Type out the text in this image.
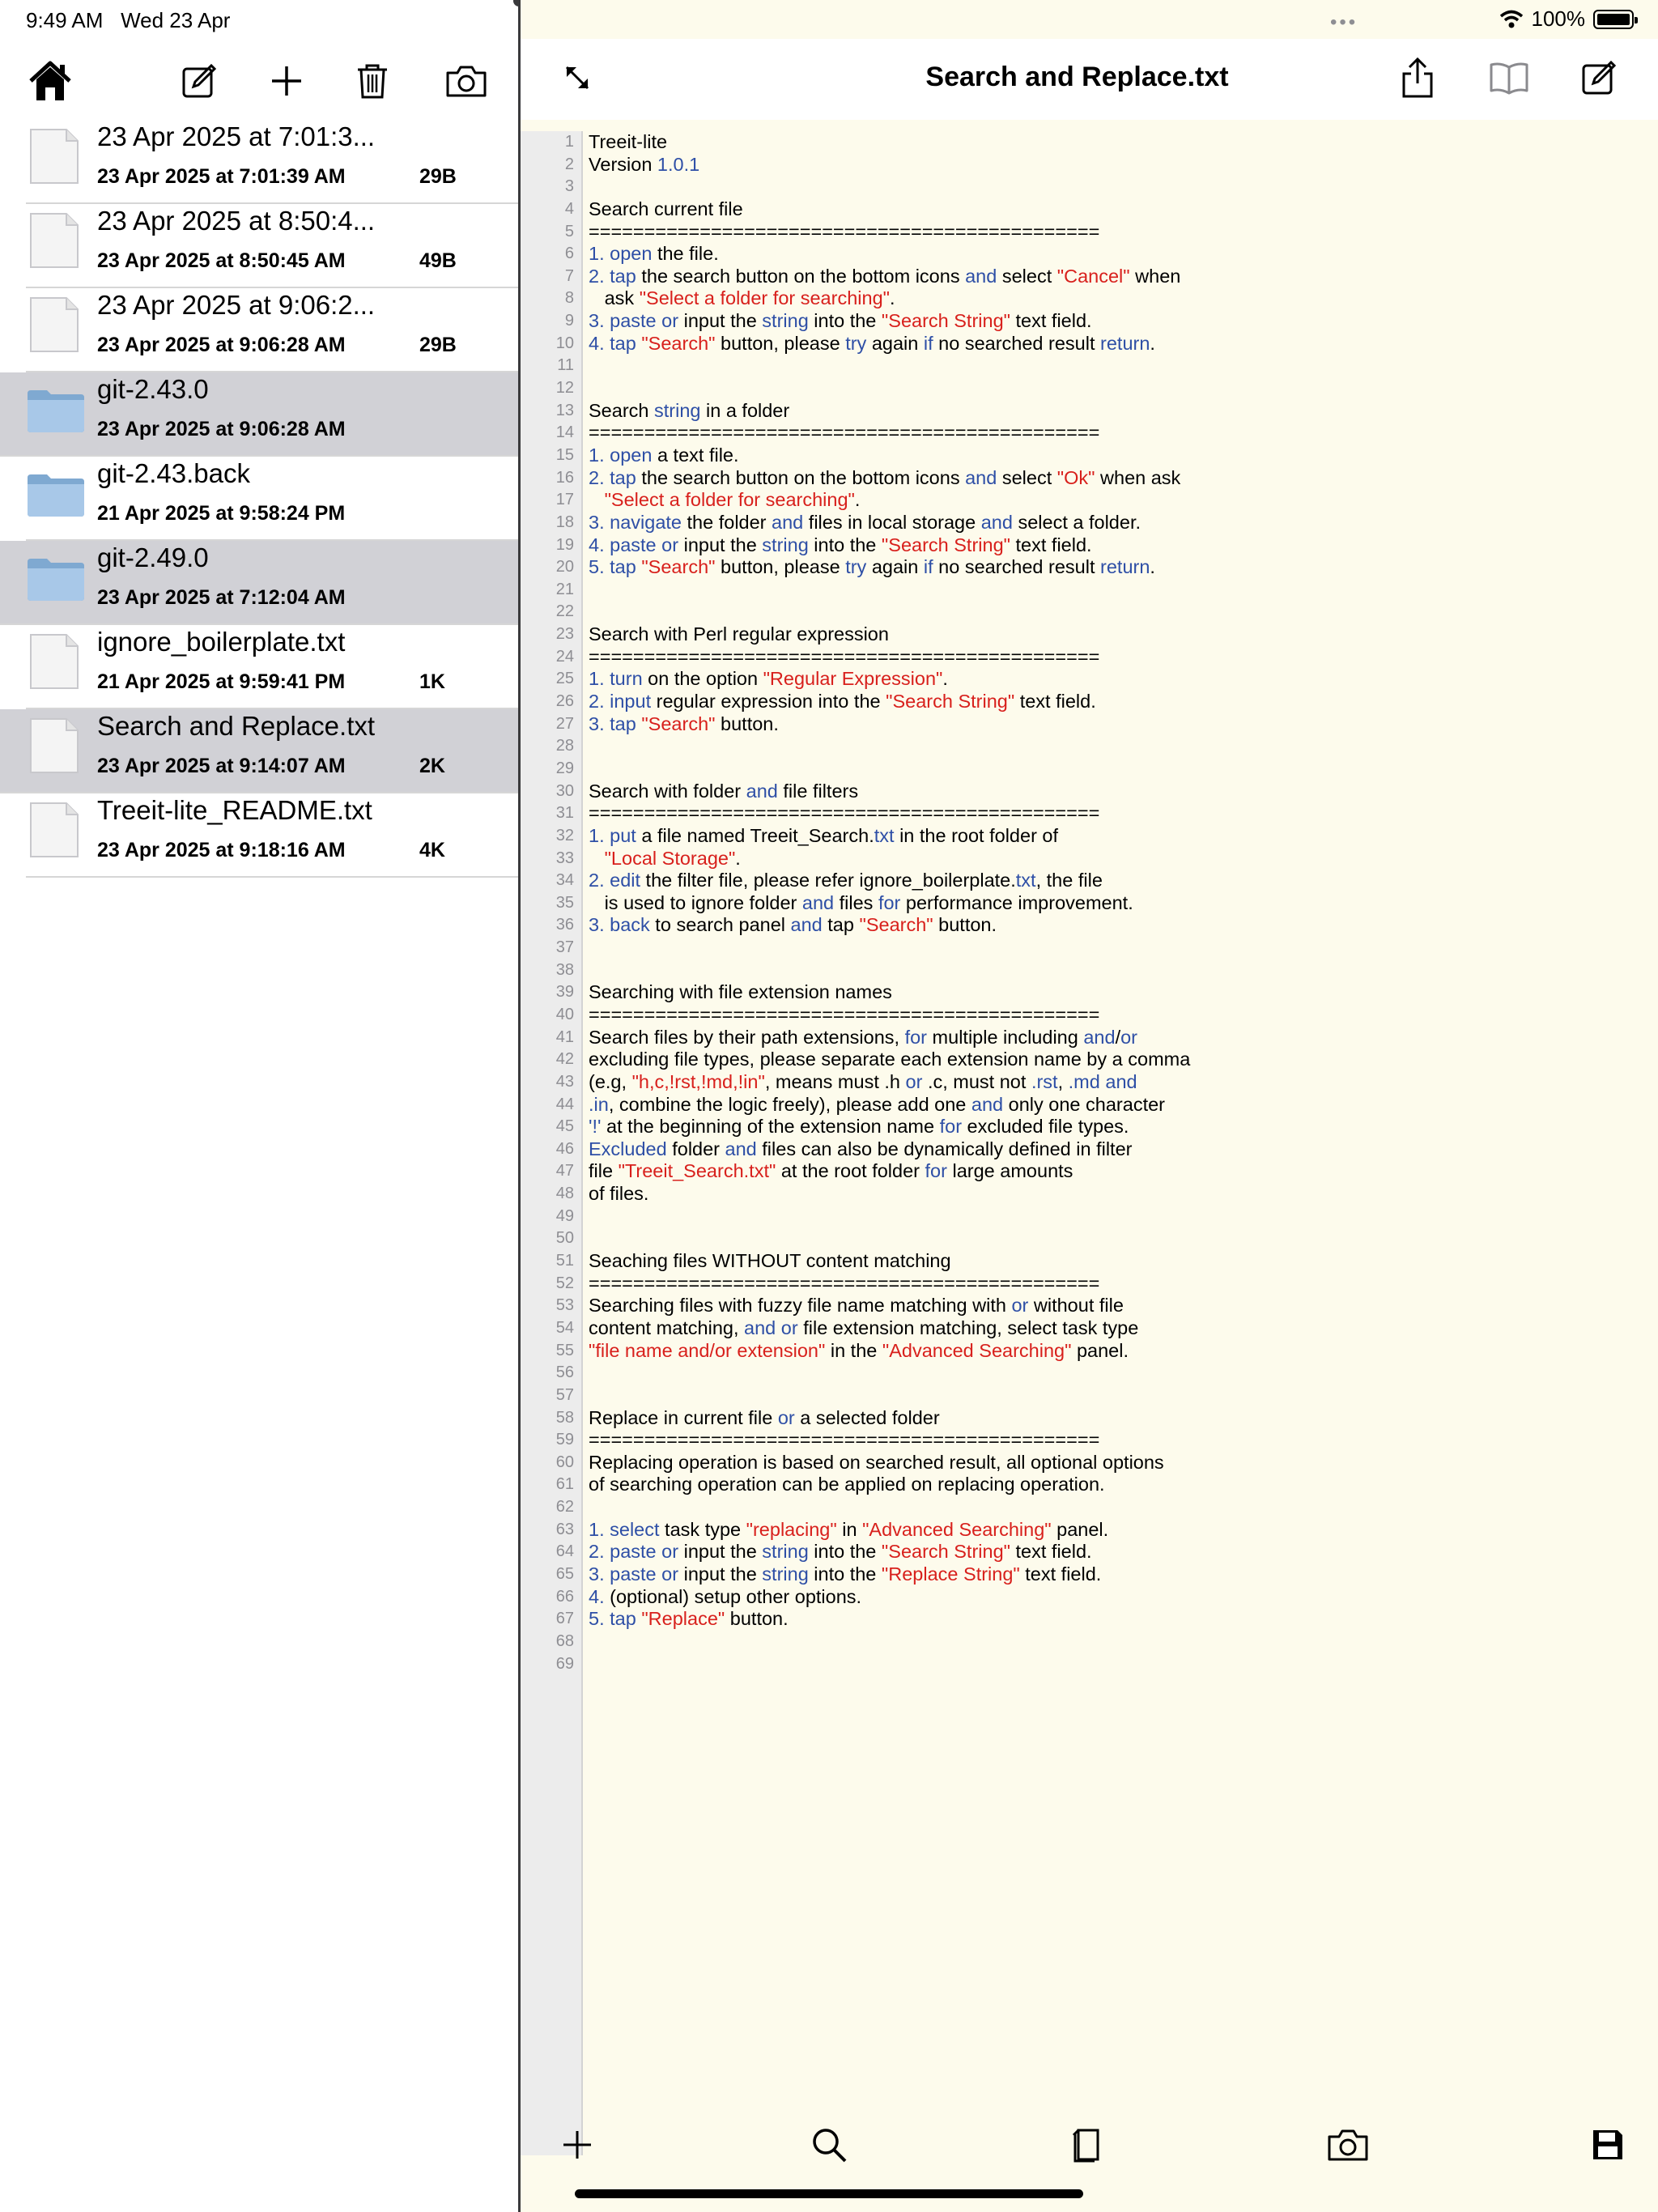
9:49 AM Wed 23 Apr
23 Apr 2025 at 7:01:3...
23 Apr 2025 at 7:01:39 AM	29B
23 Apr 2025 at 8:50:4...
23 Apr 2025 at 8:50:45 AM	49B
23 Apr 2025 at 9:06:2...
23 Apr 2025 at 9:06:28 AM	29B
git-2.43.0
23 Apr 2025 at 9:06:28 AM
git-2.43.back
21 Apr 2025 at 9:58:24 PM
git-2.49.0
23 Apr 2025 at 7:12:04 AM
ignore_boilerplate.txt
21 Apr 2025 at 9:59:41 PM	1K
Search and Replace.txt
23 Apr 2025 at 9:14:07 AM	2K
Treeit-lite_README.txt
23 Apr 2025 at 9:18:16 AM	4K
•••	100%
Search and Replace.txt
1 Treeit-lite
2 Version 1.0.1
3
4 Search current file
5 ==============================================
6 1. open the file.
7 2. tap the search button on the bottom icons and select "Cancel" when
8 ask "Select a folder for searching".
9 3. paste or input the string into the "Search String" text field.
10 4. tap "Search" button, please try again if no searched result return.
11
12
13 Search string in a folder
14 ==============================================
15 1. open a text file.
16 2. tap the search button on the bottom icons and select "Ok" when ask
17	"Select a folder for searching".
18 3. navigate the folder and files in local storage and select a folder.
19 4. paste or input the string into the "Search String" text field.
20 5. tap "Search" button, please try again if no searched result return.
21
22
23 Search with Perl regular expression
24 ==============================================
25 1. turn on the option "Regular Expression".
26 2. input regular expression into the "Search String" text field.
27 3. tap "Search" button.
28
29
30 Search with folder and file filters
31 ==============================================
32 1. put a file named Treeit_Search.txt in the root folder of
33	"Local Storage".
34 2. edit the filter file, please refer ignore_boilerplate.txt, the file
35 is used to ignore folder and files for performance improvement.
36 3. back to search panel and tap "Search" button.
37
38
39 Searching with file extension names
40 ==============================================
41 Search files by their path extensions, for multiple including and/or
42 excluding file types, please separate each extension name by a comma
43 (e.g, "h,c,!rst,!md,!in", means must .h or .c, must not .rst, .md and
44 .in, combine the logic freely), please add one and only one character
45 '!' at the beginning of the extension name for excluded file types.
46 Excluded folder and files can also be dynamically defined in filter
47 file "Treeit_Search.txt" at the root folder for large amounts
48 of files.
49
50
51 Seaching files WITHOUT content matching
52 ==============================================
53 Searching files with fuzzy file name matching with or without file
54 content matching, and or file extension matching, select task type
55 "file name and/or extension" in the "Advanced Searching" panel.
56
57
58 Replace in current file or a selected folder
59 ==============================================
60 Replacing operation is based on searched result, all optional options
61 of searching operation can be applied on replacing operation.
62
63 1. select task type "replacing" in "Advanced Searching" panel.
64 2. paste or input the string into the "Search String" text field.
65 3. paste or input the string into the "Replace String" text field.
66 4. (optional) setup other options.
67 5. tap "Replace" button.
68
69
